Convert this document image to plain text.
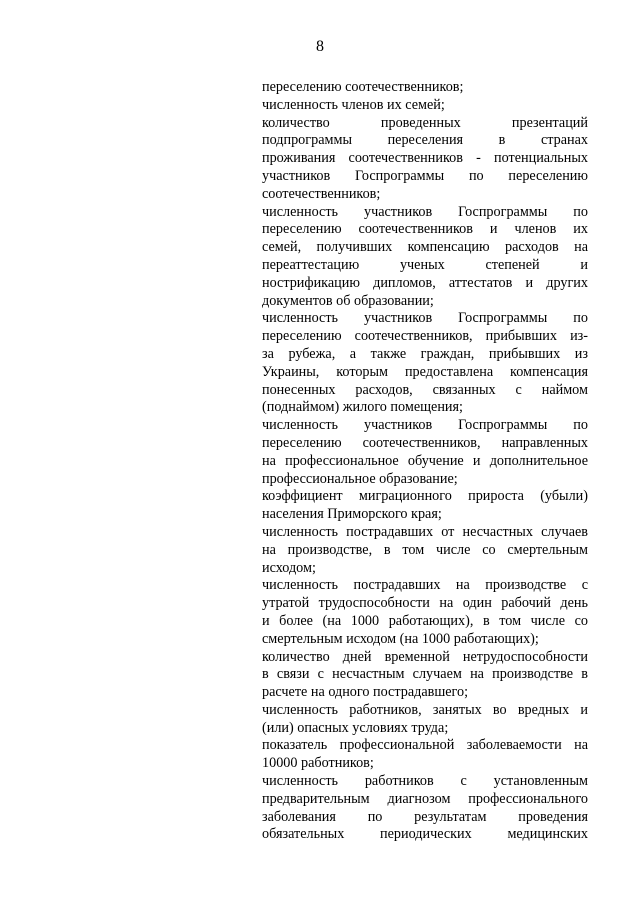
8
переселению соотечественников;
численность членов их семей;
количество проведенных презентаций
подпрограммы переселения в странах
проживания соотечественников - потенциальных
участников Госпрограммы по переселению
соотечественников;
численность участников Госпрограммы по
переселению соотечественников и членов их
семей, получивших компенсацию расходов на
переаттестацию ученых степеней и
нострификацию дипломов, аттестатов и других
документов об образовании;
численность участников Госпрограммы по
переселению соотечественников, прибывших из-
за рубежа, а также граждан, прибывших из
Украины, которым предоставлена компенсация
понесенных расходов, связанных с наймом
(поднаймом) жилого помещения;
численность участников Госпрограммы по
переселению соотечественников, направленных
на профессиональное обучение и дополнительное
профессиональное образование;
коэффициент миграционного прироста (убыли)
населения Приморского края;
численность пострадавших от несчастных случаев
на производстве, в том числе со смертельным
исходом;
численность пострадавших на производстве с
утратой трудоспособности на один рабочий день
и более (на 1000 работающих), в том числе со
смертельным исходом (на 1000 работающих);
количество дней временной нетрудоспособности
в связи с несчастным случаем на производстве в
расчете на одного пострадавшего;
численность работников, занятых во вредных и
(или) опасных условиях труда;
показатель профессиональной заболеваемости на
10000 работников;
численность работников с установленным
предварительным диагнозом профессионального
заболевания по результатам проведения
обязательных периодических медицинских
